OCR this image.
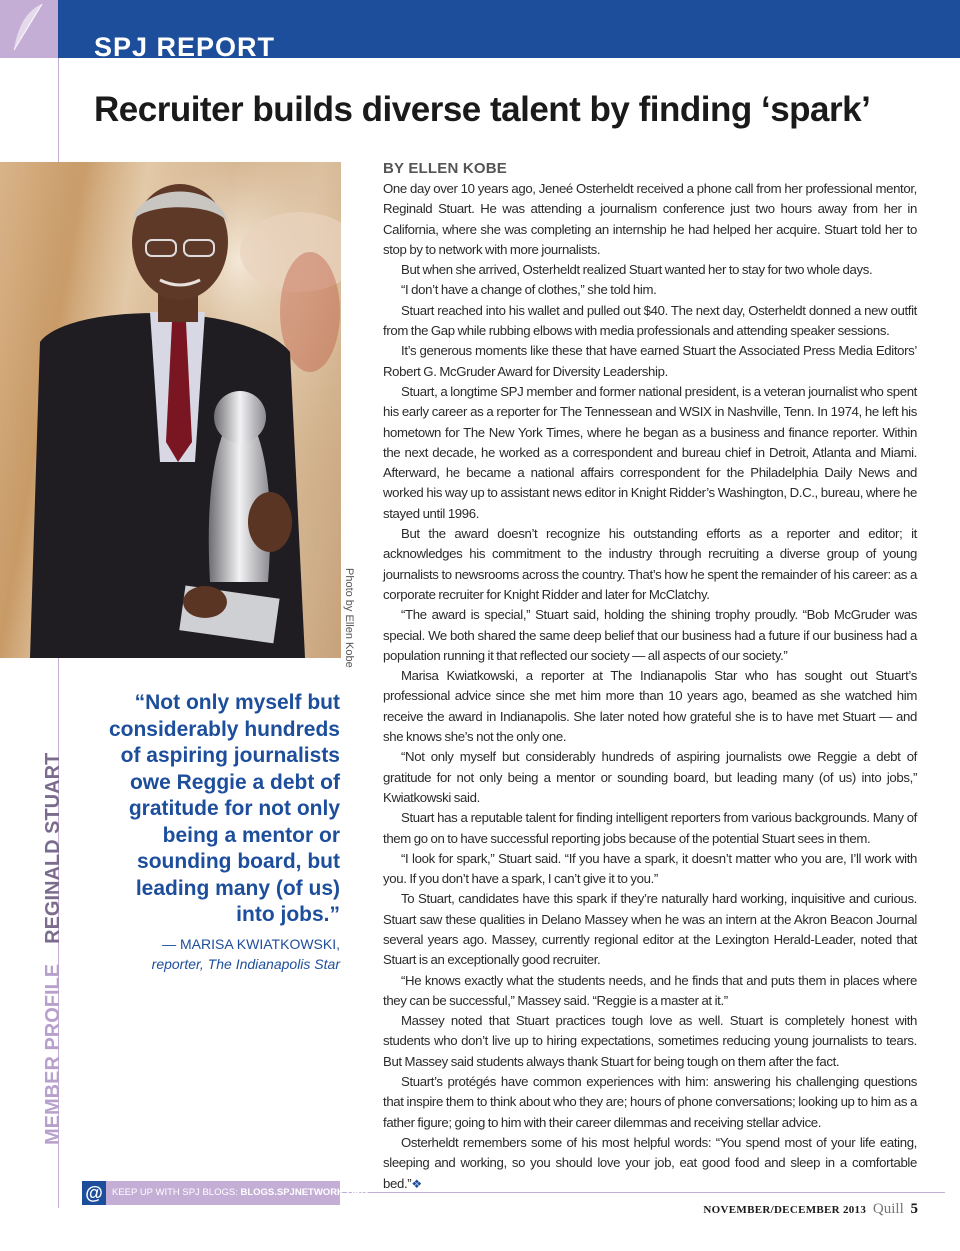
SPJ REPORT
Recruiter builds diverse talent by finding ‘spark’
Photo by Ellen Kobe
“Not only myself but considerably hundreds of aspiring journalists owe Reggie a debt of gratitude for not only being a mentor or sounding board, but leading many (of us) into jobs.”
— MARISA KWIATKOWSKI,
reporter, The Indianapolis Star
MEMBER PROFILEREGINALD STUART
BY ELLEN KOBE

One day over 10 years ago, Jeneé Osterheldt received a phone call from her professional mentor, Reginald Stuart. He was attending a journalism conference just two hours away from her in California, where she was completing an internship he had helped her acquire. Stuart told her to stop by to network with more journalists.

But when she arrived, Osterheldt realized Stuart wanted her to stay for two whole days.

“I don’t have a change of clothes,” she told him.

Stuart reached into his wallet and pulled out $40. The next day, Osterheldt donned a new outfit from the Gap while rubbing elbows with media professionals and attending speaker sessions.

It’s generous moments like these that have earned Stuart the Associated Press Media Editors’ Robert G. McGruder Award for Diversity Leadership.

Stuart, a longtime SPJ member and former national president, is a veteran journalist who spent his early career as a reporter for The Tennessean and WSIX in Nashville, Tenn. In 1974, he left his hometown for The New York Times, where he began as a business and finance reporter. Within the next decade, he worked as a correspondent and bureau chief in Detroit, Atlanta and Miami. Afterward, he became a national affairs correspondent for the Philadelphia Daily News and worked his way up to assistant news editor in Knight Ridder’s Washington, D.C., bureau, where he stayed until 1996.

But the award doesn’t recognize his outstanding efforts as a reporter and editor; it acknowledges his commitment to the industry through recruiting a diverse group of young journalists to newsrooms across the country. That’s how he spent the remainder of his career: as a corporate recruiter for Knight Ridder and later for McClatchy.

“The award is special,” Stuart said, holding the shining trophy proudly. “Bob McGruder was special. We both shared the same deep belief that our business had a future if our business had a population running it that reflected our society — all aspects of our society.”

Marisa Kwiatkowski, a reporter at The Indianapolis Star who has sought out Stuart’s professional advice since she met him more than 10 years ago, beamed as she watched him receive the award in Indianapolis. She later noted how grateful she is to have met Stuart — and she knows she’s not the only one.

“Not only myself but considerably hundreds of aspiring journalists owe Reggie a debt of gratitude for not only being a mentor or sounding board, but leading many (of us) into jobs,” Kwiatkowski said.

Stuart has a reputable talent for finding intelligent reporters from various backgrounds. Many of them go on to have successful reporting jobs because of the potential Stuart sees in them.

“I look for spark,” Stuart said. “If you have a spark, it doesn’t matter who you are, I’ll work with you. If you don’t have a spark, I can’t give it to you.”

To Stuart, candidates have this spark if they’re naturally hard working, inquisitive and curious. Stuart saw these qualities in Delano Massey when he was an intern at the Akron Beacon Journal several years ago. Massey, currently regional editor at the Lexington Herald-Leader, noted that Stuart is an exceptionally good recruiter.

“He knows exactly what the students needs, and he finds that and puts them in places where they can be successful,” Massey said. “Reggie is a master at it.”

Massey noted that Stuart practices tough love as well. Stuart is completely honest with students who don’t live up to hiring expectations, sometimes reducing young journalists to tears. But Massey said students always thank Stuart for being tough on them after the fact.

Stuart’s protégés have common experiences with him: answering his challenging questions that inspire them to think about who they are; hours of phone conversations; looking up to him as a father figure; going to him with their career dilemmas and receiving stellar advice.

Osterheldt remembers some of his most helpful words: “You spend most of your life eating, sleeping and working, so you should love your job, eat good food and sleep in a comfortable bed.”❖

@ KEEP UP WITH SPJ BLOGS: BLOGS.SPJNETWORK.ORG
NOVEMBER/DECEMBER 2013 Quill 5
